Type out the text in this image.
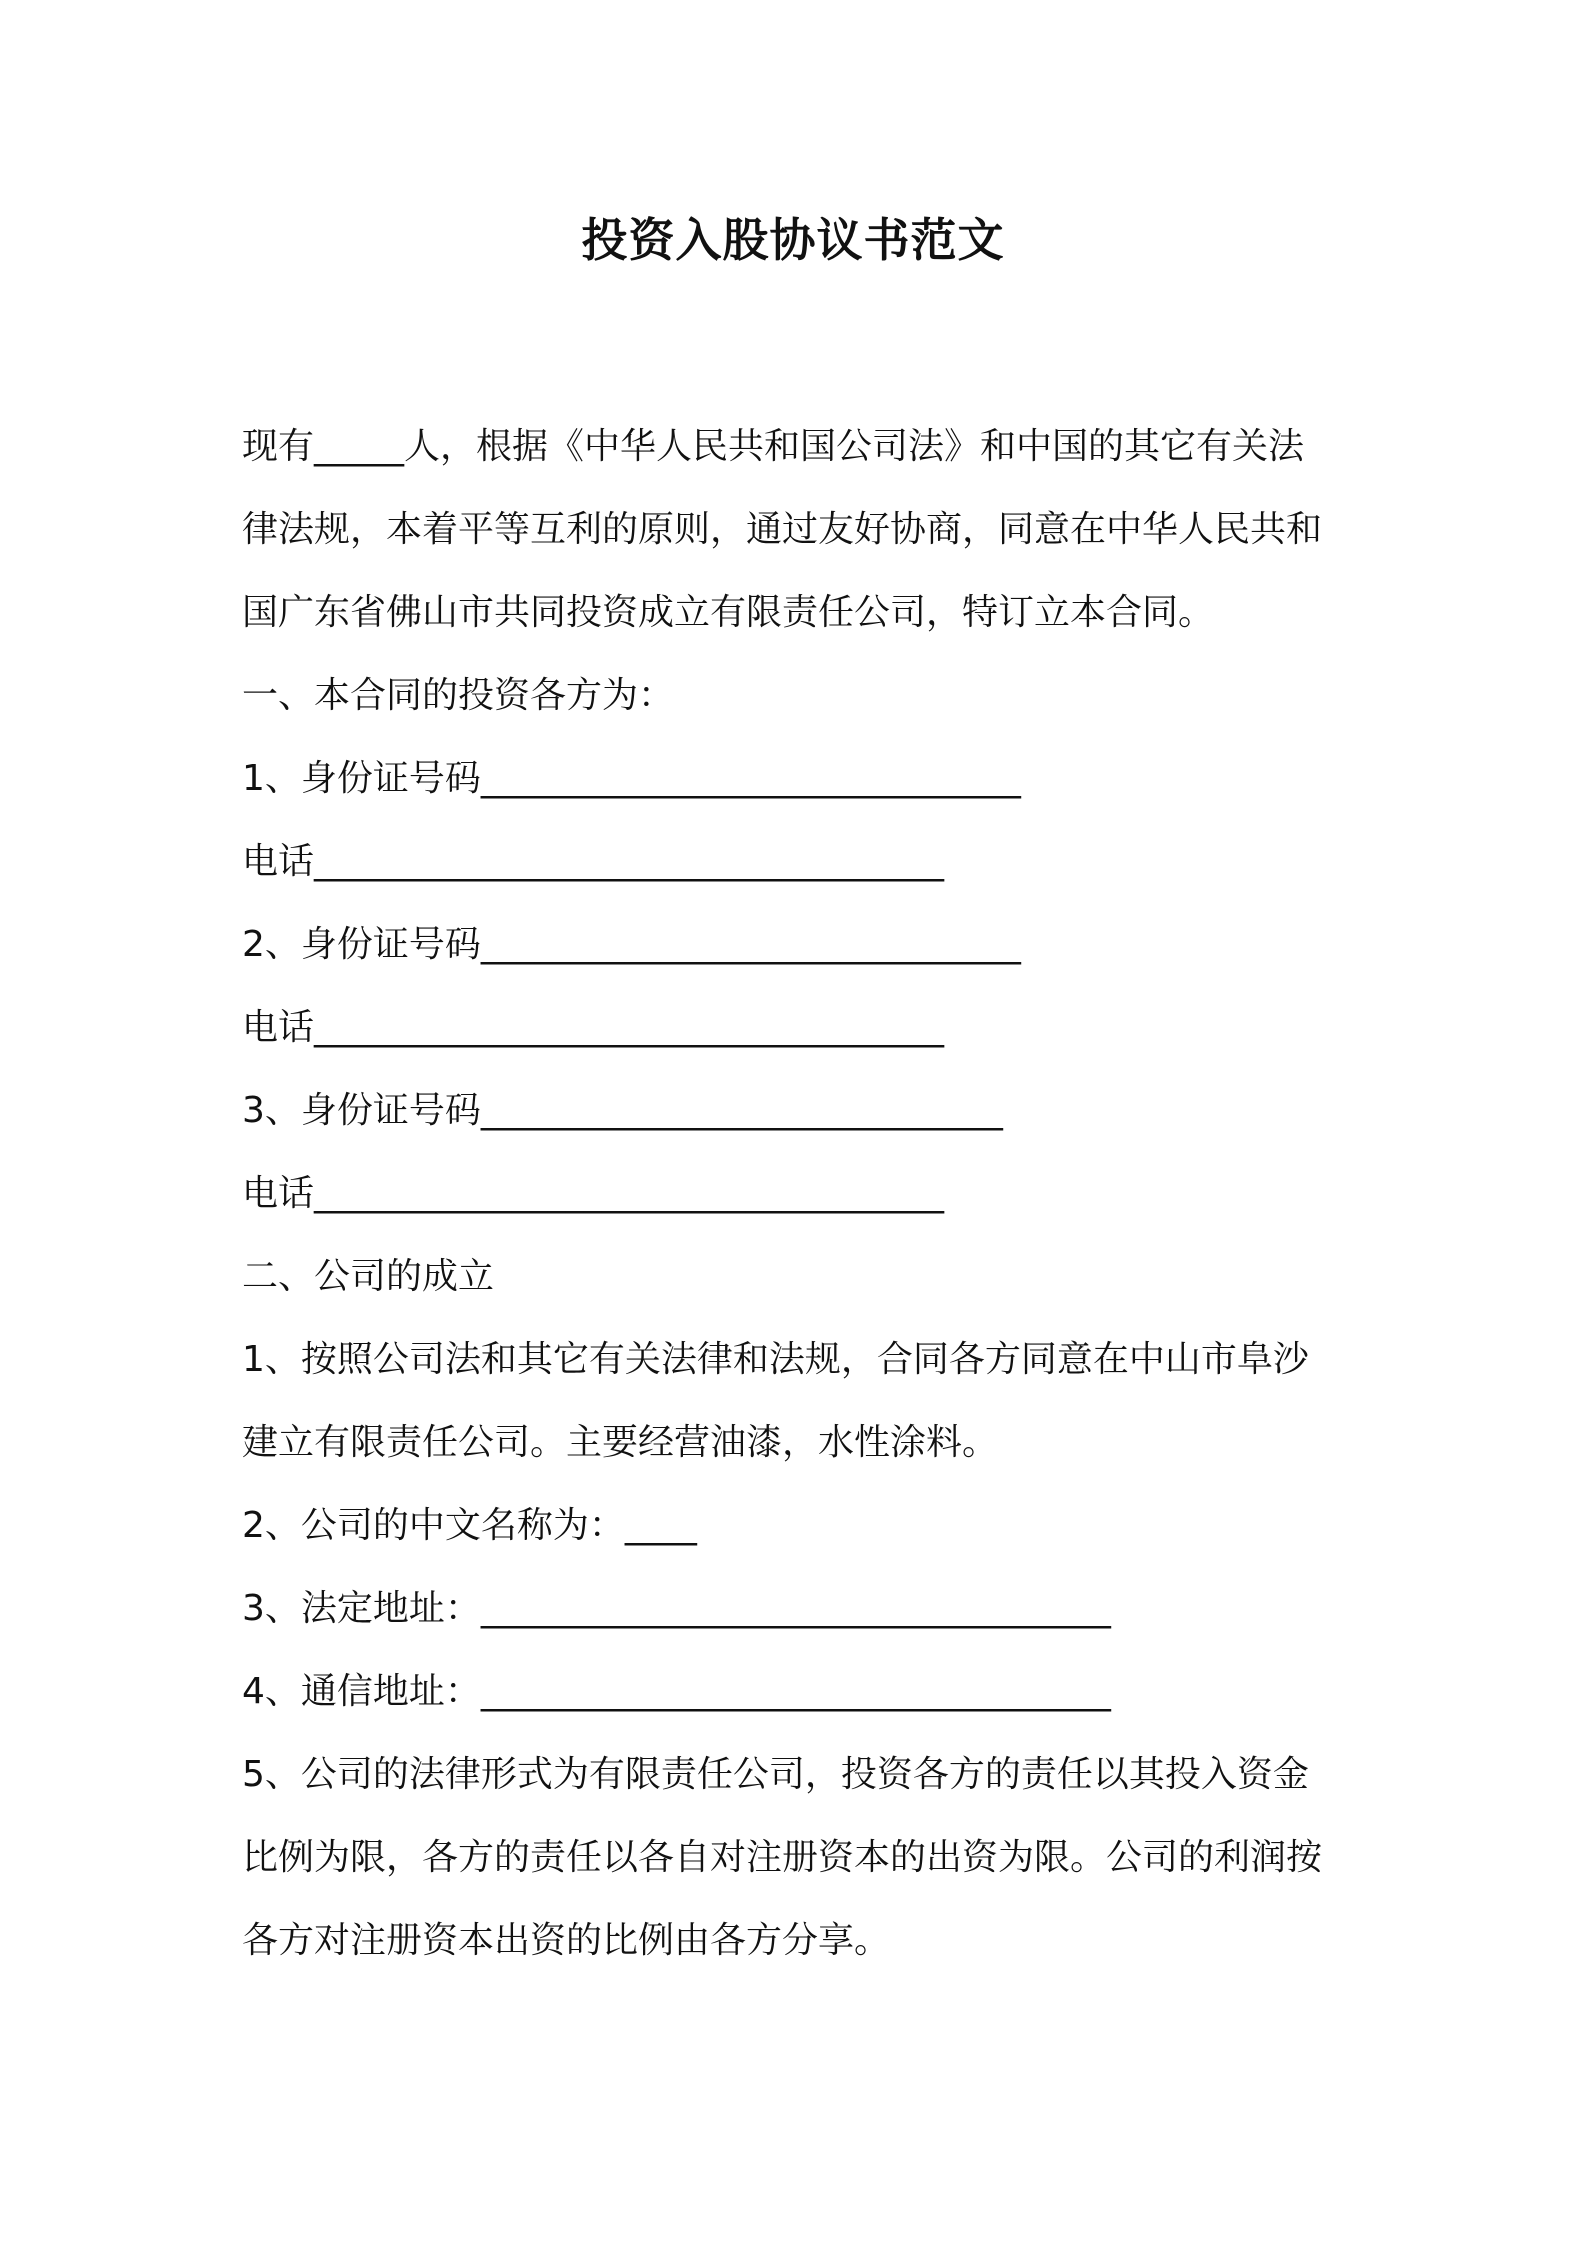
投资入股协议书范文
现有_____人，根据《中华人民共和国公司法》和中国的其它有关法
律法规，本着平等互利的原则，通过友好协商，同意在中华人民共和
国广东省佛山市共同投资成立有限责任公司，特订立本合同。
一、本合同的投资各方为：
1、身份证号码______________________________
电话___________________________________
2、身份证号码______________________________
电话___________________________________
3、身份证号码_____________________________
电话___________________________________
二、公司的成立
1、按照公司法和其它有关法律和法规，合同各方同意在中山市阜沙
建立有限责任公司。主要经营油漆，水性涂料。
2、公司的中文名称为：____
3、法定地址：___________________________________
4、通信地址：___________________________________
5、公司的法律形式为有限责任公司，投资各方的责任以其投入资金
比例为限，各方的责任以各自对注册资本的出资为限。公司的利润按
各方对注册资本出资的比例由各方分享。
